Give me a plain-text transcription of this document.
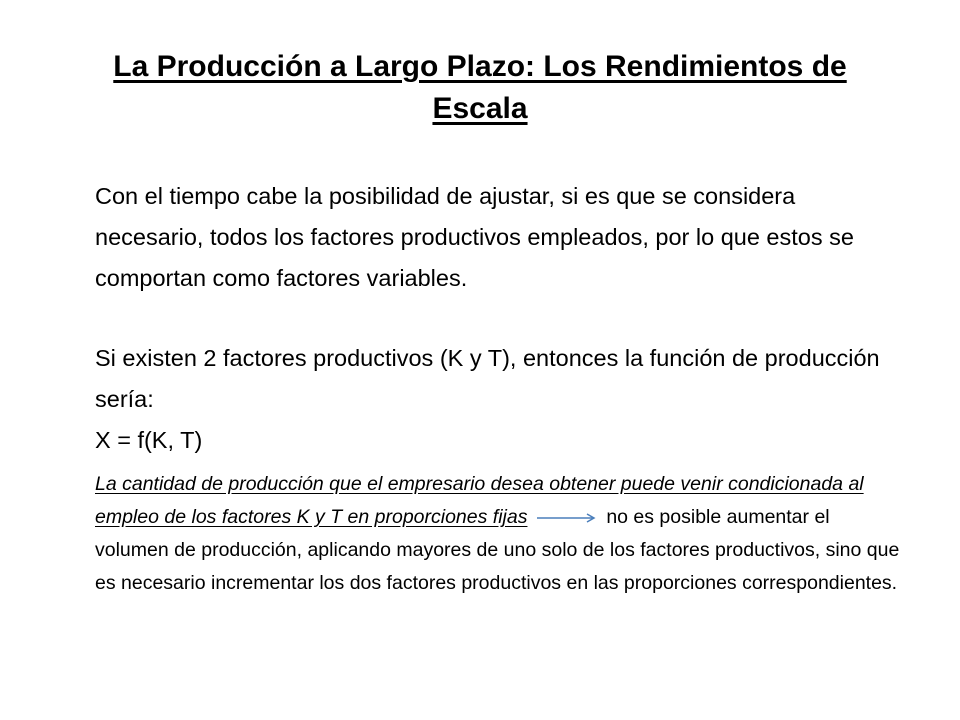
La Producción a Largo Plazo: Los Rendimientos de Escala
Con el tiempo cabe la posibilidad de ajustar, si es que se considera necesario, todos los factores productivos empleados, por lo que estos se comportan como factores variables.
Si existen 2 factores productivos (K y T), entonces la función de producción sería:
X = f(K, T)
La cantidad de producción que el empresario desea obtener puede venir condicionada al empleo de los factores K y T en proporciones fijas	no es posible aumentar el volumen de producción, aplicando mayores de uno solo de los factores productivos, sino que es necesario incrementar los dos factores productivos en las proporciones correspondientes.
